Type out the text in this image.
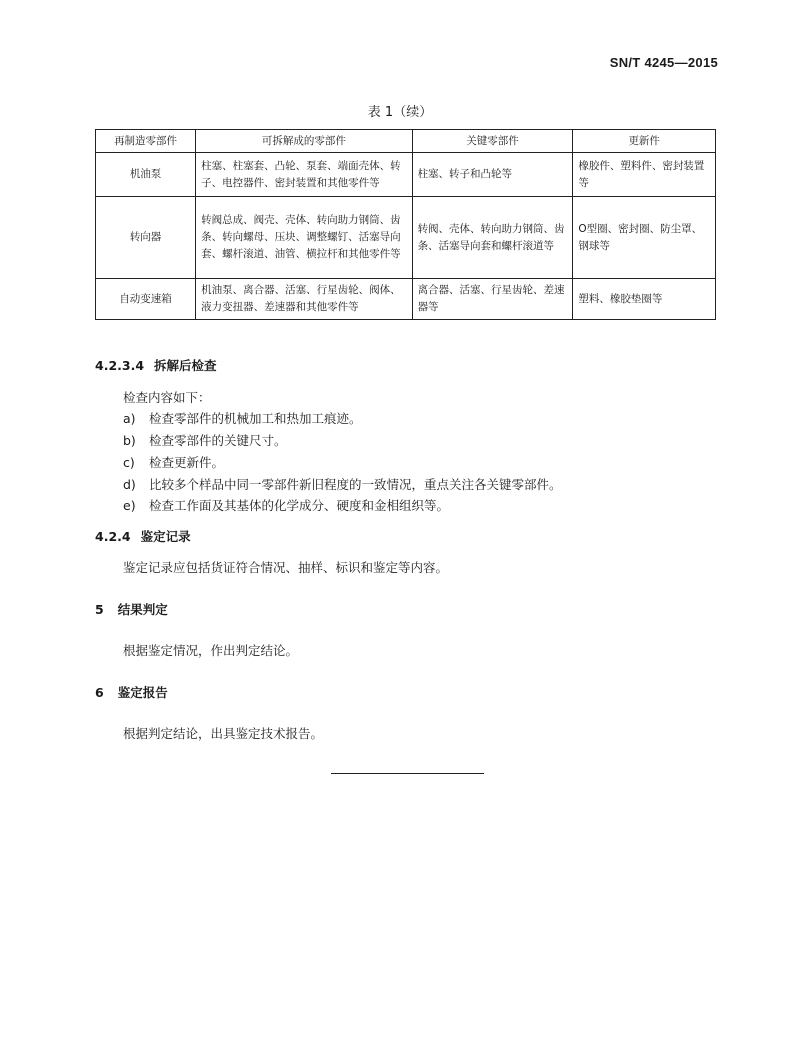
SN/T 4245—2015
表 1（续）
再制造零部件	可拆解成的零部件	关键零部件	更新件
机油泵	柱塞、柱塞套、凸轮、泵套、端面壳体、转子、电控器件、密封装置和其他零件等	柱塞、转子和凸轮等	橡胶件、塑料件、密封装置等
转向器	转阀总成、阀壳、壳体、转向助力钢筒、齿条、转向螺母、压块、调整螺钉、活塞导向套、螺杆滚道、油管、横拉杆和其他零件等	转阀、壳体、转向助力钢筒、齿条、活塞导向套和螺杆滚道等	O型圈、密封圈、防尘罩、钢球等
自动变速箱	机油泵、离合器、活塞、行星齿轮、阀体、液力变扭器、差速器和其他零件等	离合器、活塞、行星齿轮、差速器等	塑料、橡胶垫圈等
4.2.3.4 拆解后检查
检查内容如下：
a) 检查零部件的机械加工和热加工痕迹。
b) 检查零部件的关键尺寸。
c) 检查更新件。
d) 比较多个样品中同一零部件新旧程度的一致情况，重点关注各关键零部件。
e) 检查工作面及其基体的化学成分、硬度和金相组织等。
4.2.4 鉴定记录
鉴定记录应包括货证符合情况、抽样、标识和鉴定等内容。
5 结果判定
根据鉴定情况，作出判定结论。
6 鉴定报告
根据判定结论，出具鉴定技术报告。
